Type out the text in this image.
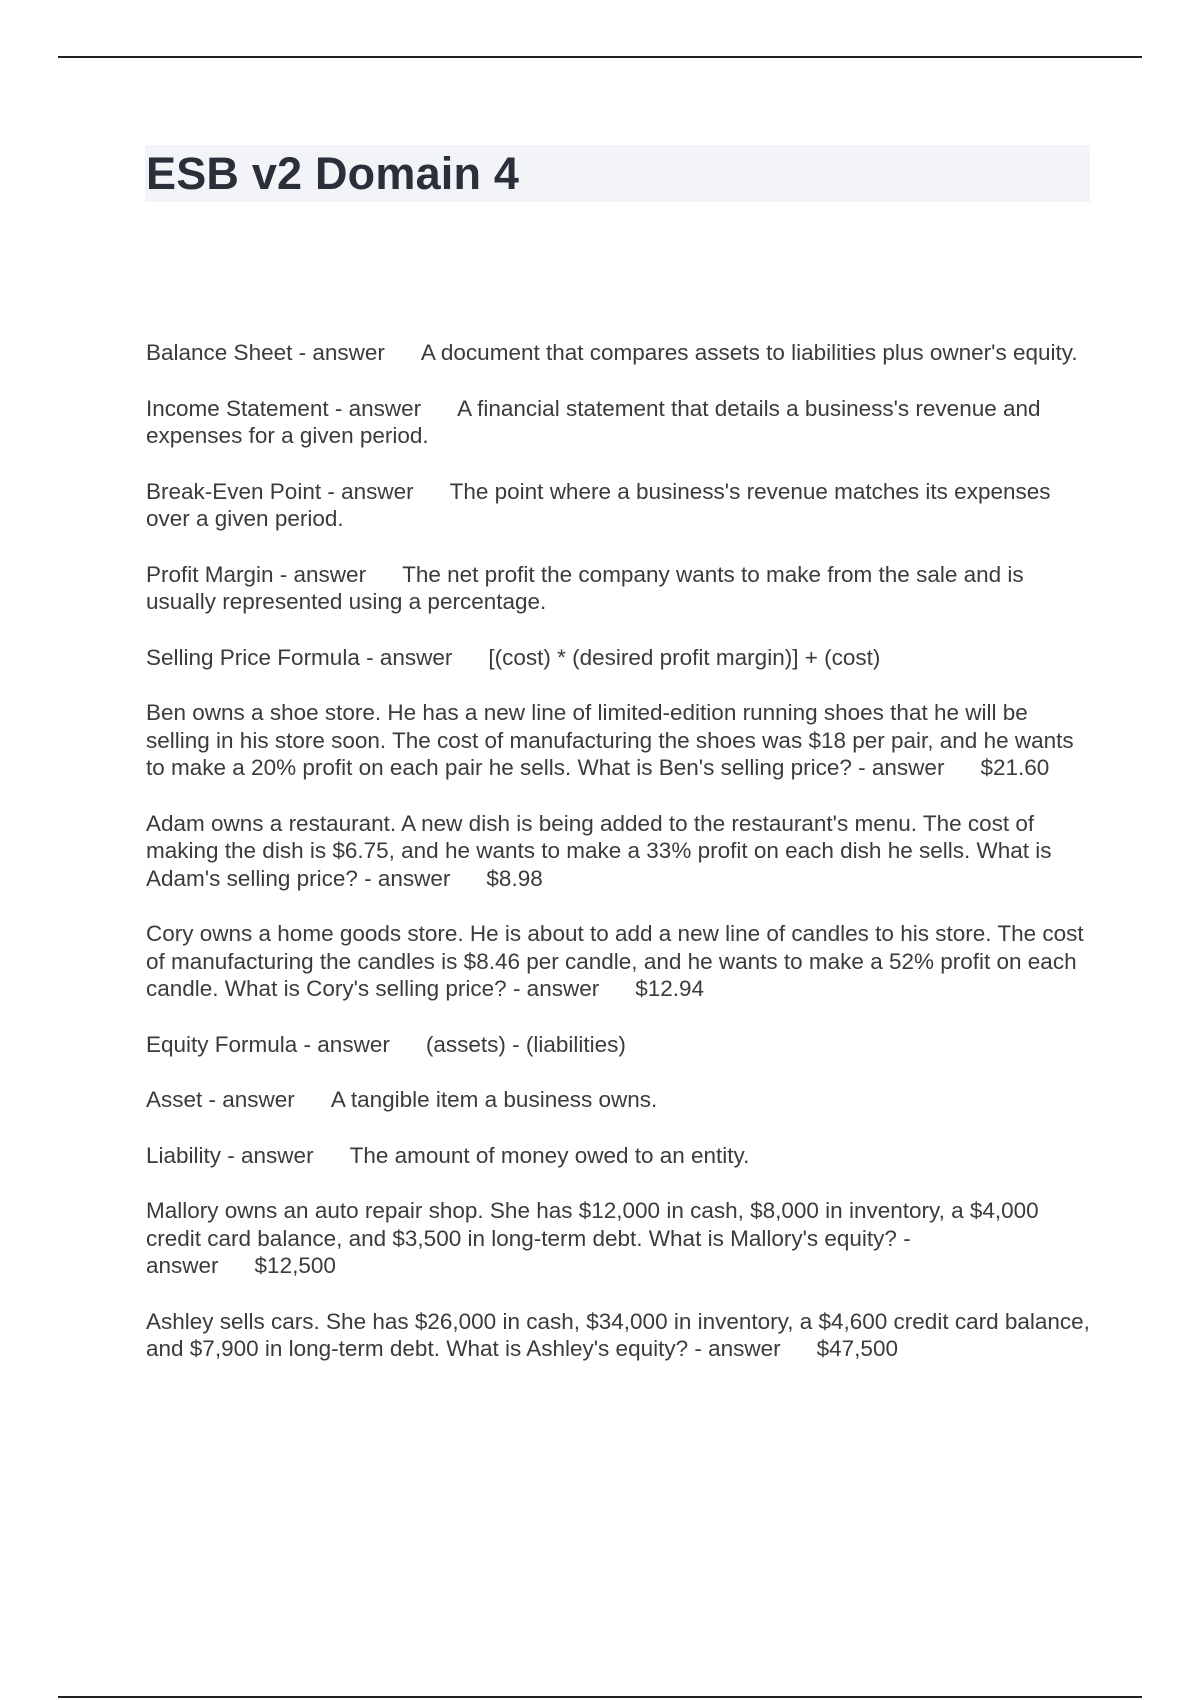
ESB v2 Domain 4

Balance Sheet - answer A document that compares assets to liabilities plus owner's equity.

Income Statement - answer A financial statement that details a business's revenue and expenses for a given period.

Break-Even Point - answer The point where a business's revenue matches its expenses over a given period.

Profit Margin - answer The net profit the company wants to make from the sale and is usually represented using a percentage.

Selling Price Formula - answer [(cost) * (desired profit margin)] + (cost)

Ben owns a shoe store. He has a new line of limited-edition running shoes that he will be selling in his store soon. The cost of manufacturing the shoes was $18 per pair, and he wants to make a 20% profit on each pair he sells. What is Ben's selling price? - answer $21.60

Adam owns a restaurant. A new dish is being added to the restaurant's menu. The cost of making the dish is $6.75, and he wants to make a 33% profit on each dish he sells. What is Adam's selling price? - answer $8.98

Cory owns a home goods store. He is about to add a new line of candles to his store. The cost of manufacturing the candles is $8.46 per candle, and he wants to make a 52% profit on each candle. What is Cory's selling price? - answer $12.94

Equity Formula - answer (assets) - (liabilities)

Asset - answer A tangible item a business owns.

Liability - answer The amount of money owed to an entity.

Mallory owns an auto repair shop. She has $12,000 in cash, $8,000 in inventory, a $4,000 credit card balance, and $3,500 in long-term debt. What is Mallory's equity? - answer $12,500

Ashley sells cars. She has $26,000 in cash, $34,000 in inventory, a $4,600 credit card balance, and $7,900 in long-term debt. What is Ashley's equity? - answer $47,500
